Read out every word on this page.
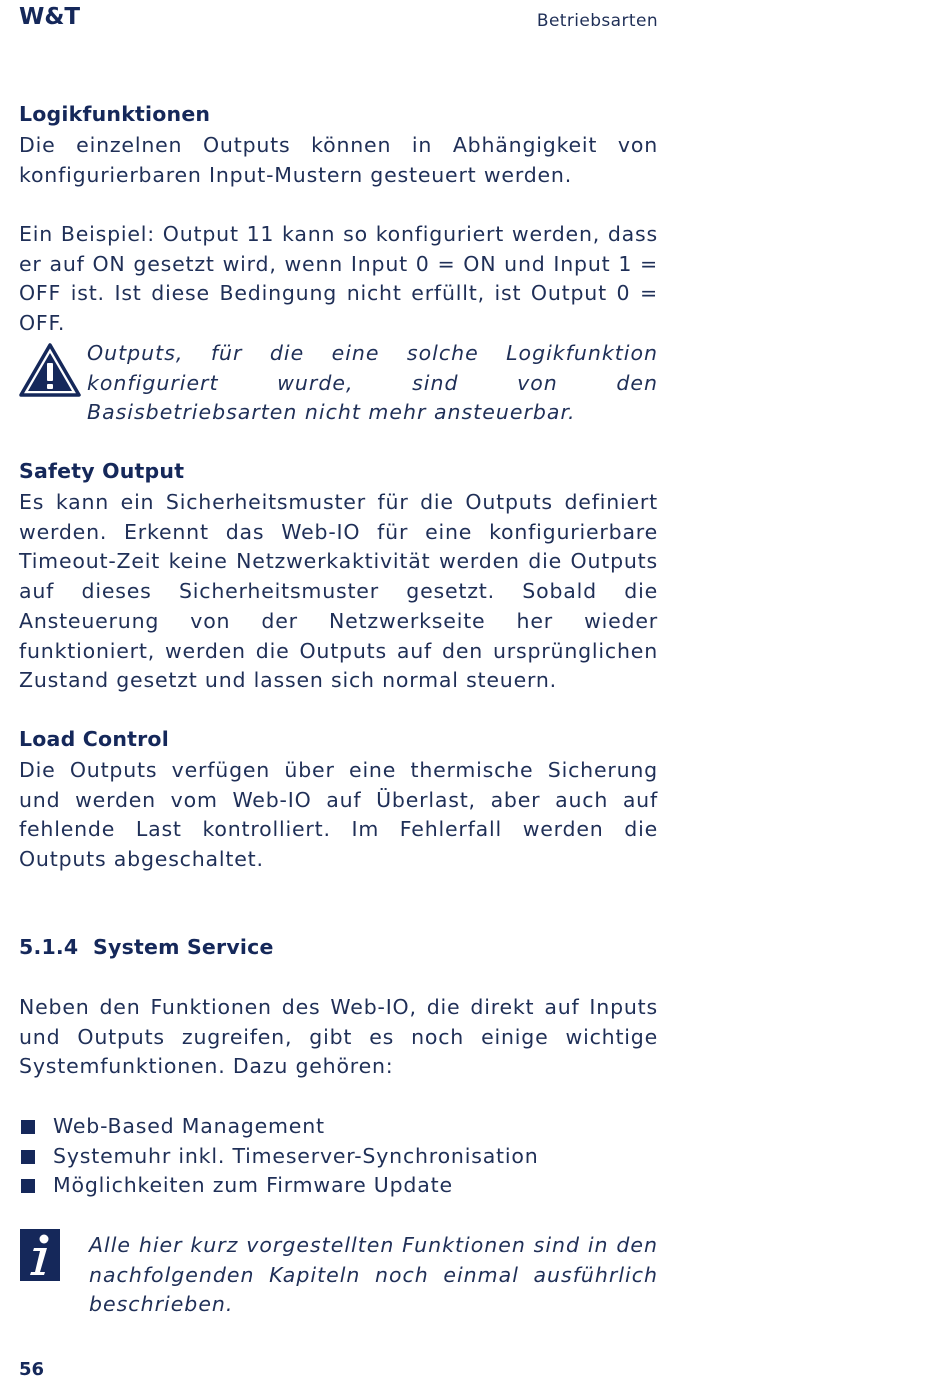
W&T	Betriebsarten
Logikfunktionen
Die einzelnen Outputs können in Abhängigkeit von konfigurierbaren Input-Mustern gesteuert werden.
Ein Beispiel: Output 11 kann so konfiguriert werden, dass er auf ON gesetzt wird, wenn Input 0 = ON und Input 1 = OFF ist. Ist diese Bedingung nicht erfüllt, ist Output 0 = OFF.
Outputs, für die eine solche Logikfunktion konfiguriert wurde, sind von den Basisbetriebsarten nicht mehr ansteuerbar.
Safety Output
Es kann ein Sicherheitsmuster für die Outputs definiert werden. Erkennt das Web-IO für eine konfigurierbare Timeout-Zeit keine Netzwerkaktivität werden die Outputs auf dieses Sicherheitsmuster gesetzt. Sobald die Ansteuerung von der Netzwerkseite her wieder funktioniert, werden die Outputs auf den ursprünglichen Zustand gesetzt und lassen sich normal steuern.
Load Control
Die Outputs verfügen über eine thermische Sicherung und werden vom Web-IO auf Überlast, aber auch auf fehlende Last kontrolliert. Im Fehlerfall werden die Outputs abgeschaltet.
5.1.4  System Service
Neben den Funktionen des Web-IO, die direkt auf Inputs und Outputs zugreifen, gibt es noch einige wichtige Systemfunktionen. Dazu gehören:
Web-Based Management
Systemuhr inkl. Timeserver-Synchronisation
Möglichkeiten zum Firmware Update
Alle hier kurz vorgestellten Funktionen sind in den nachfolgenden Kapiteln noch einmal ausführlich beschrieben.
56
